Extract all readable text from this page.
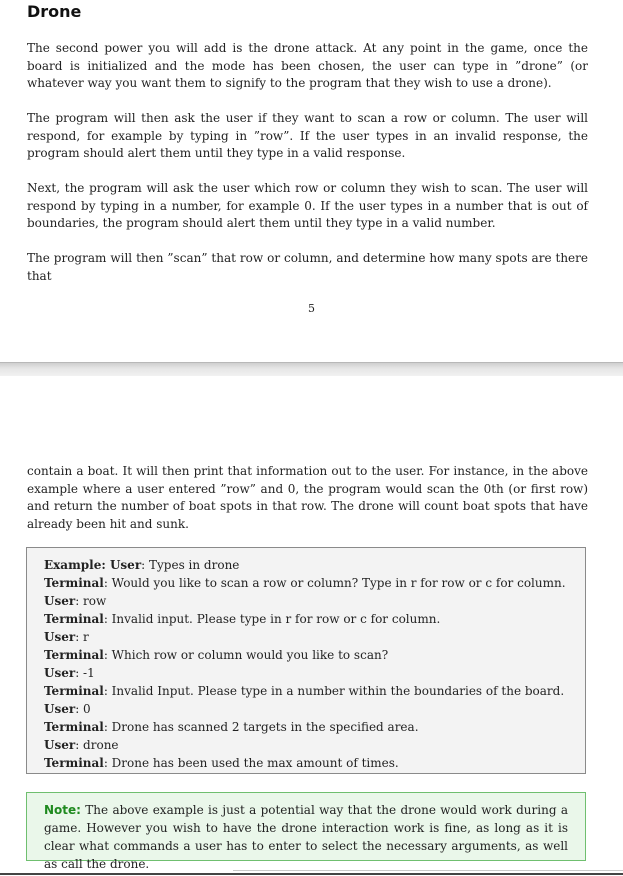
Drone

The second power you will add is the drone attack. At any point in the game, once the board is initialized and the mode has been chosen, the user can type in ”drone” (or whatever way you want them to signify to the program that they wish to use a drone).

The program will then ask the user if they want to scan a row or column. The user will respond, for example by typing in ”row”. If the user types in an invalid response, the program should alert them until they type in a valid response.

Next, the program will ask the user which row or column they wish to scan. The user will respond by typing in a number, for example 0. If the user types in a number that is out of boundaries, the program should alert them until they type in a valid number.

The program will then ”scan” that row or column, and determine how many spots are there that

5

contain a boat. It will then print that information out to the user. For instance, in the above example where a user entered ”row” and 0, the program would scan the 0th (or first row) and return the number of boat spots in that row. The drone will count boat spots that have already been hit and sunk.

Example: User: Types in drone
Terminal: Would you like to scan a row or column? Type in r for row or c for column.
User: row
Terminal: Invalid input. Please type in r for row or c for column.
User: r
Terminal: Which row or column would you like to scan?
User: -1
Terminal: Invalid Input. Please type in a number within the boundaries of the board.
User: 0
Terminal: Drone has scanned 2 targets in the specified area.
User: drone
Terminal: Drone has been used the max amount of times.
Note: The above example is just a potential way that the drone would work during a game. However you wish to have the drone interaction work is fine, as long as it is clear what commands a user has to enter to select the necessary arguments, as well as call the drone.
